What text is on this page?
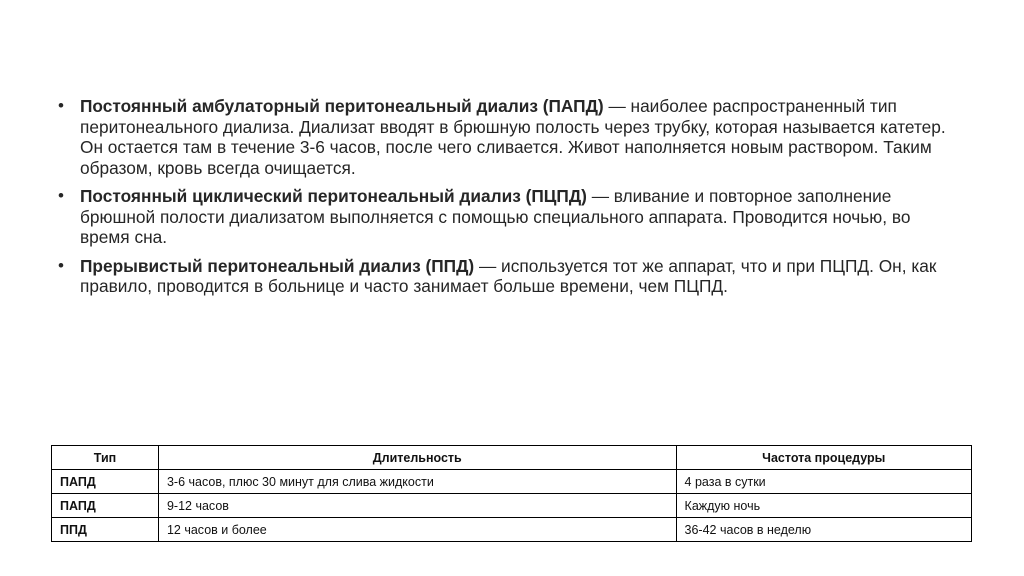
• Постоянный амбулаторный перитонеальный диализ (ПАПД) — наиболее распространенный тип перитонеального диализа. Диализат вводят в брюшную полость через трубку, которая называется катетер. Он остается там в течение 3-6 часов, после чего сливается. Живот наполняется новым раствором. Таким образом, кровь всегда очищается.
• Постоянный циклический перитонеальный диализ (ПЦПД) — вливание и повторное заполнение брюшной полости диализатом выполняется с помощью специального аппарата. Проводится ночью, во время сна.
• Прерывистый перитонеальный диализ (ППД) — используется тот же аппарат, что и при ПЦПД. Он, как правило, проводится в больнице и часто занимает больше времени, чем ПЦПД.
Тип	Длительность	Частота процедуры
ПАПД	3-6 часов, плюс 30 минут для слива жидкости	4 раза в сутки
ПАПД	9-12 часов	Каждую ночь
ППД	12 часов и более	36-42 часов в неделю
